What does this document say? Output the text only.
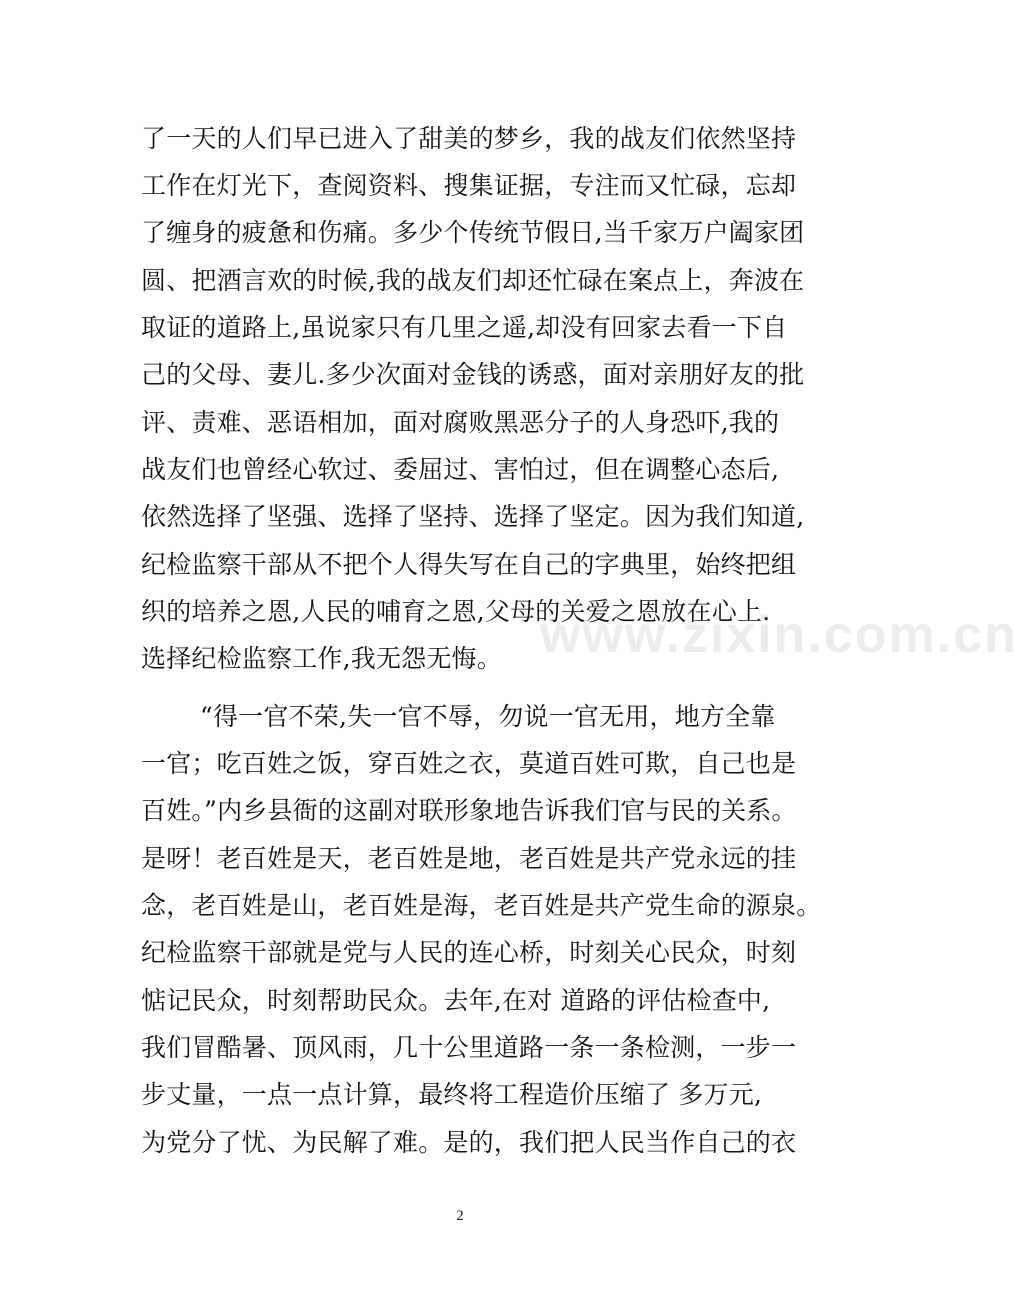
了一天的人们早已进入了甜美的梦乡，我的战友们依然坚持
工作在灯光下，查阅资料、搜集证据，专注而又忙碌，忘却
了缠身的疲惫和伤痛。多少个传统节假日,当千家万户阖家团
圆、把酒言欢的时候,我的战友们却还忙碌在案点上，奔波在
取证的道路上,虽说家只有几里之遥,却没有回家去看一下自
己的父母、妻儿.多少次面对金钱的诱惑，面对亲朋好友的批
评、责难、恶语相加，面对腐败黑恶分子的人身恐吓,我的
战友们也曾经心软过、委屈过、害怕过，但在调整心态后,
依然选择了坚强、选择了坚持、选择了坚定。因为我们知道,
纪检监察干部从不把个人得失写在自己的字典里，始终把组
织的培养之恩,人民的哺育之恩,父母的关爱之恩放在心上.
选择纪检监察工作,我无怨无悔。
“得一官不荣,失一官不辱，勿说一官无用，地方全靠
一官；吃百姓之饭，穿百姓之衣，莫道百姓可欺，自己也是
百姓。”内乡县衙的这副对联形象地告诉我们官与民的关系。
是呀！老百姓是天，老百姓是地，老百姓是共产党永远的挂
念，老百姓是山，老百姓是海，老百姓是共产党生命的源泉。
纪检监察干部就是党与人民的连心桥，时刻关心民众，时刻
惦记民众，时刻帮助民众。去年,在对 道路的评估检查中,
我们冒酷暑、顶风雨，几十公里道路一条一条检测，一步一
步丈量，一点一点计算，最终将工程造价压缩了 多万元,
为党分了忧、为民解了难。是的，我们把人民当作自己的衣
www.zixin.com.cn
2
